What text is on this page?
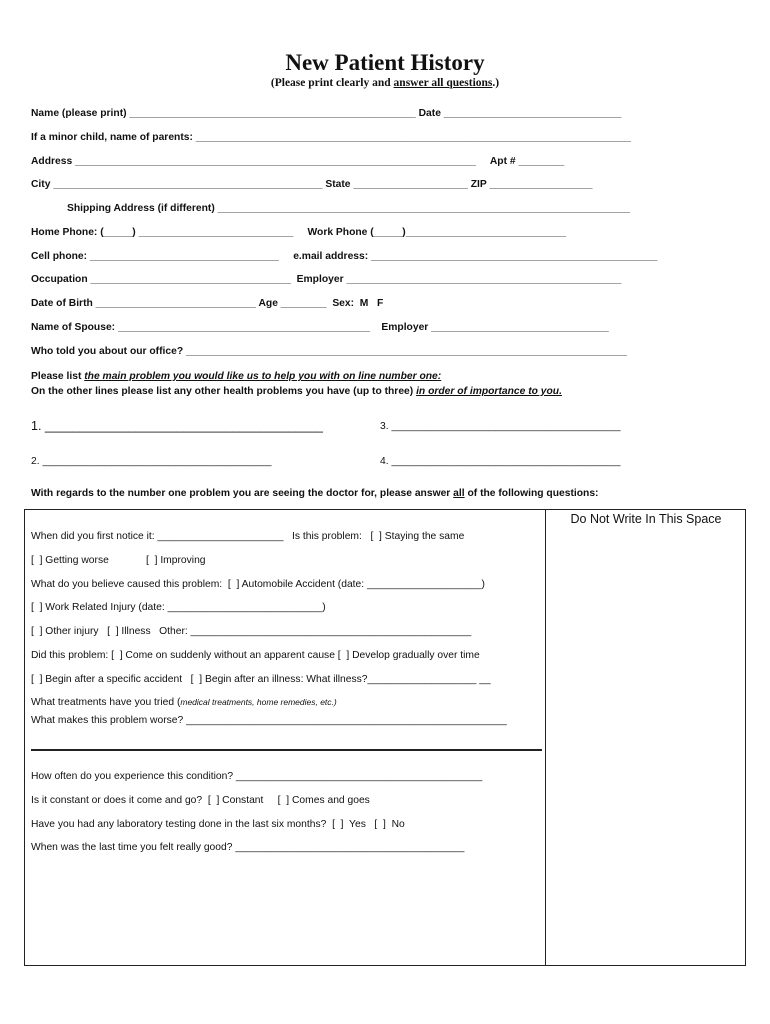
New Patient History
(Please print clearly and answer all questions.)
Name (please print) __________________________________________________ Date _______________________________
If a minor child, name of parents: ____________________________________________________________________________
Address ______________________________________________________________________     Apt # ________
City _______________________________________________ State ____________________ ZIP __________________
Shipping Address (if different) ________________________________________________________________________
Home Phone: (_____) ___________________________     Work Phone (_____)____________________________
Cell phone: _________________________________     e.mail address: __________________________________________________
Occupation ___________________________________  Employer ________________________________________________
Date of Birth ____________________________ Age ________  Sex:  M   F
Name of Spouse: ____________________________________________    Employer _______________________________
Who told you about our office? _____________________________________________________________________________
Please list the main problem you would like us to help you with on line number one:
On the other lines please list any other health problems you have (up to three) in order of importance to you.
1. ________________________________________	3. ________________________________________
2. ________________________________________	4. ________________________________________
With regards to the number one problem you are seeing the doctor for, please answer all of the following questions:
Do Not Write In This Space
When did you first notice it: ______________________   Is this problem:   [  ] Staying the same
[  ] Getting worse             [  ] Improving
What do you believe caused this problem:  [  ] Automobile Accident (date: ____________________)
[  ] Work Related Injury (date: ___________________________)
[  ] Other injury   [  ] Illness   Other: _________________________________________________
Did this problem: [  ] Come on suddenly without an apparent cause [  ] Develop gradually over time
[  ] Begin after a specific accident   [  ] Begin after an illness: What illness?___________________ __
What treatments have you tried (medical treatments, home remedies, etc.)
What makes this problem worse? ________________________________________________________
How often do you experience this condition? ___________________________________________
Is it constant or does it come and go?  [  ] Constant     [  ] Comes and goes
Have you had any laboratory testing done in the last six months?  [  ]  Yes   [  ]  No
When was the last time you felt really good? ________________________________________
